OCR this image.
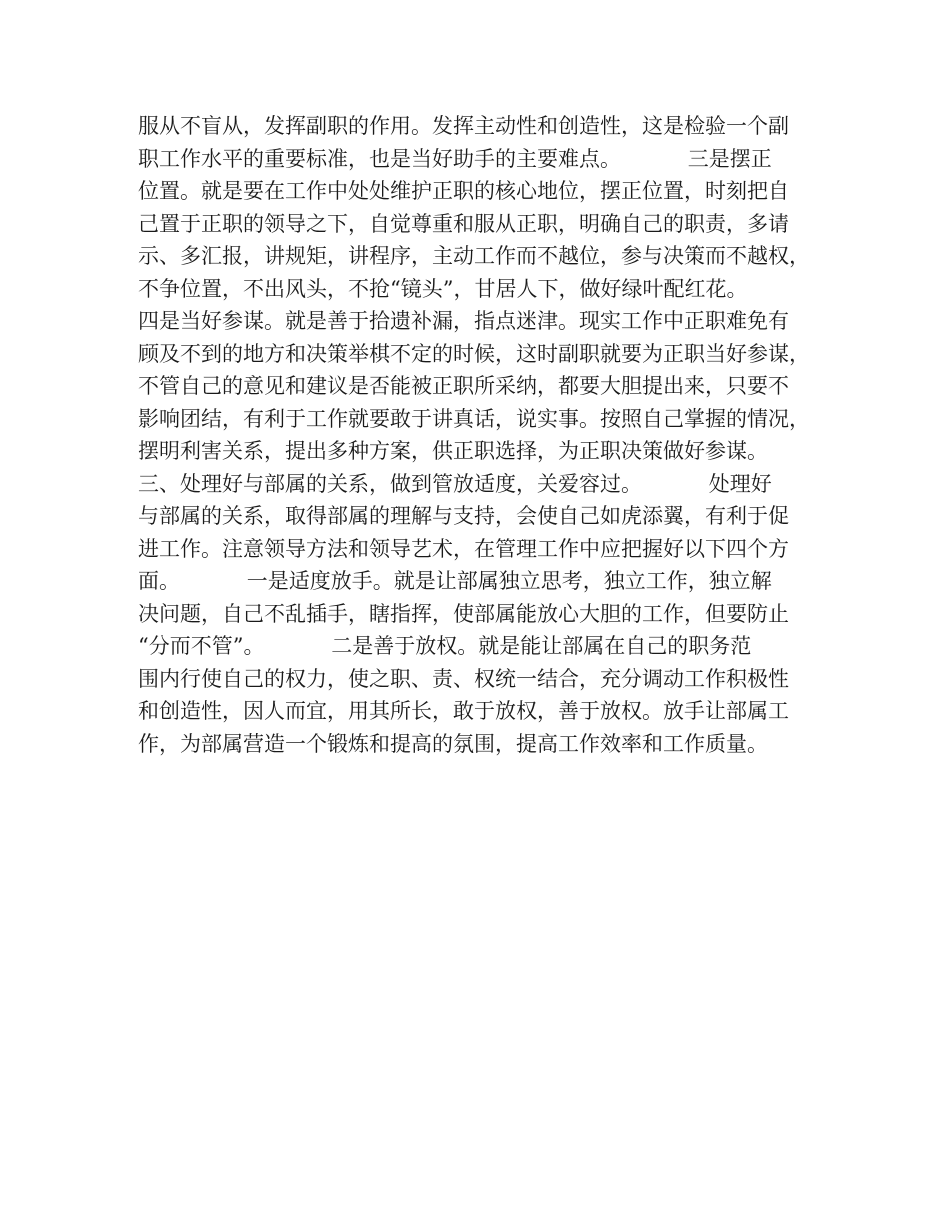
服从不盲从，发挥副职的作用。发挥主动性和创造性，这是检验一个副
职工作水平的重要标准，也是当好助手的主要难点。          三是摆正
位置。就是要在工作中处处维护正职的核心地位，摆正位置，时刻把自
己置于正职的领导之下，自觉尊重和服从正职，明确自己的职责，多请
示、多汇报，讲规矩，讲程序，主动工作而不越位，参与决策而不越权，
不争位置，不出风头，不抢“镜头”，甘居人下，做好绿叶配红花。
四是当好参谋。就是善于拾遗补漏，指点迷津。现实工作中正职难免有
顾及不到的地方和决策举棋不定的时候，这时副职就要为正职当好参谋，
不管自己的意见和建议是否能被正职所采纳，都要大胆提出来，只要不
影响团结，有利于工作就要敢于讲真话，说实事。按照自己掌握的情况，
摆明利害关系，提出多种方案，供正职选择，为正职决策做好参谋。
三、处理好与部属的关系，做到管放适度，关爱容过。          处理好
与部属的关系，取得部属的理解与支持，会使自己如虎添翼，有利于促
进工作。注意领导方法和领导艺术，在管理工作中应把握好以下四个方
面。          一是适度放手。就是让部属独立思考，独立工作，独立解
决问题，自己不乱插手，瞎指挥，使部属能放心大胆的工作，但要防止
“分而不管”。          二是善于放权。就是能让部属在自己的职务范
围内行使自己的权力，使之职、责、权统一结合，充分调动工作积极性
和创造性，因人而宜，用其所长，敢于放权，善于放权。放手让部属工
作，为部属营造一个锻炼和提高的氛围，提高工作效率和工作质量。
